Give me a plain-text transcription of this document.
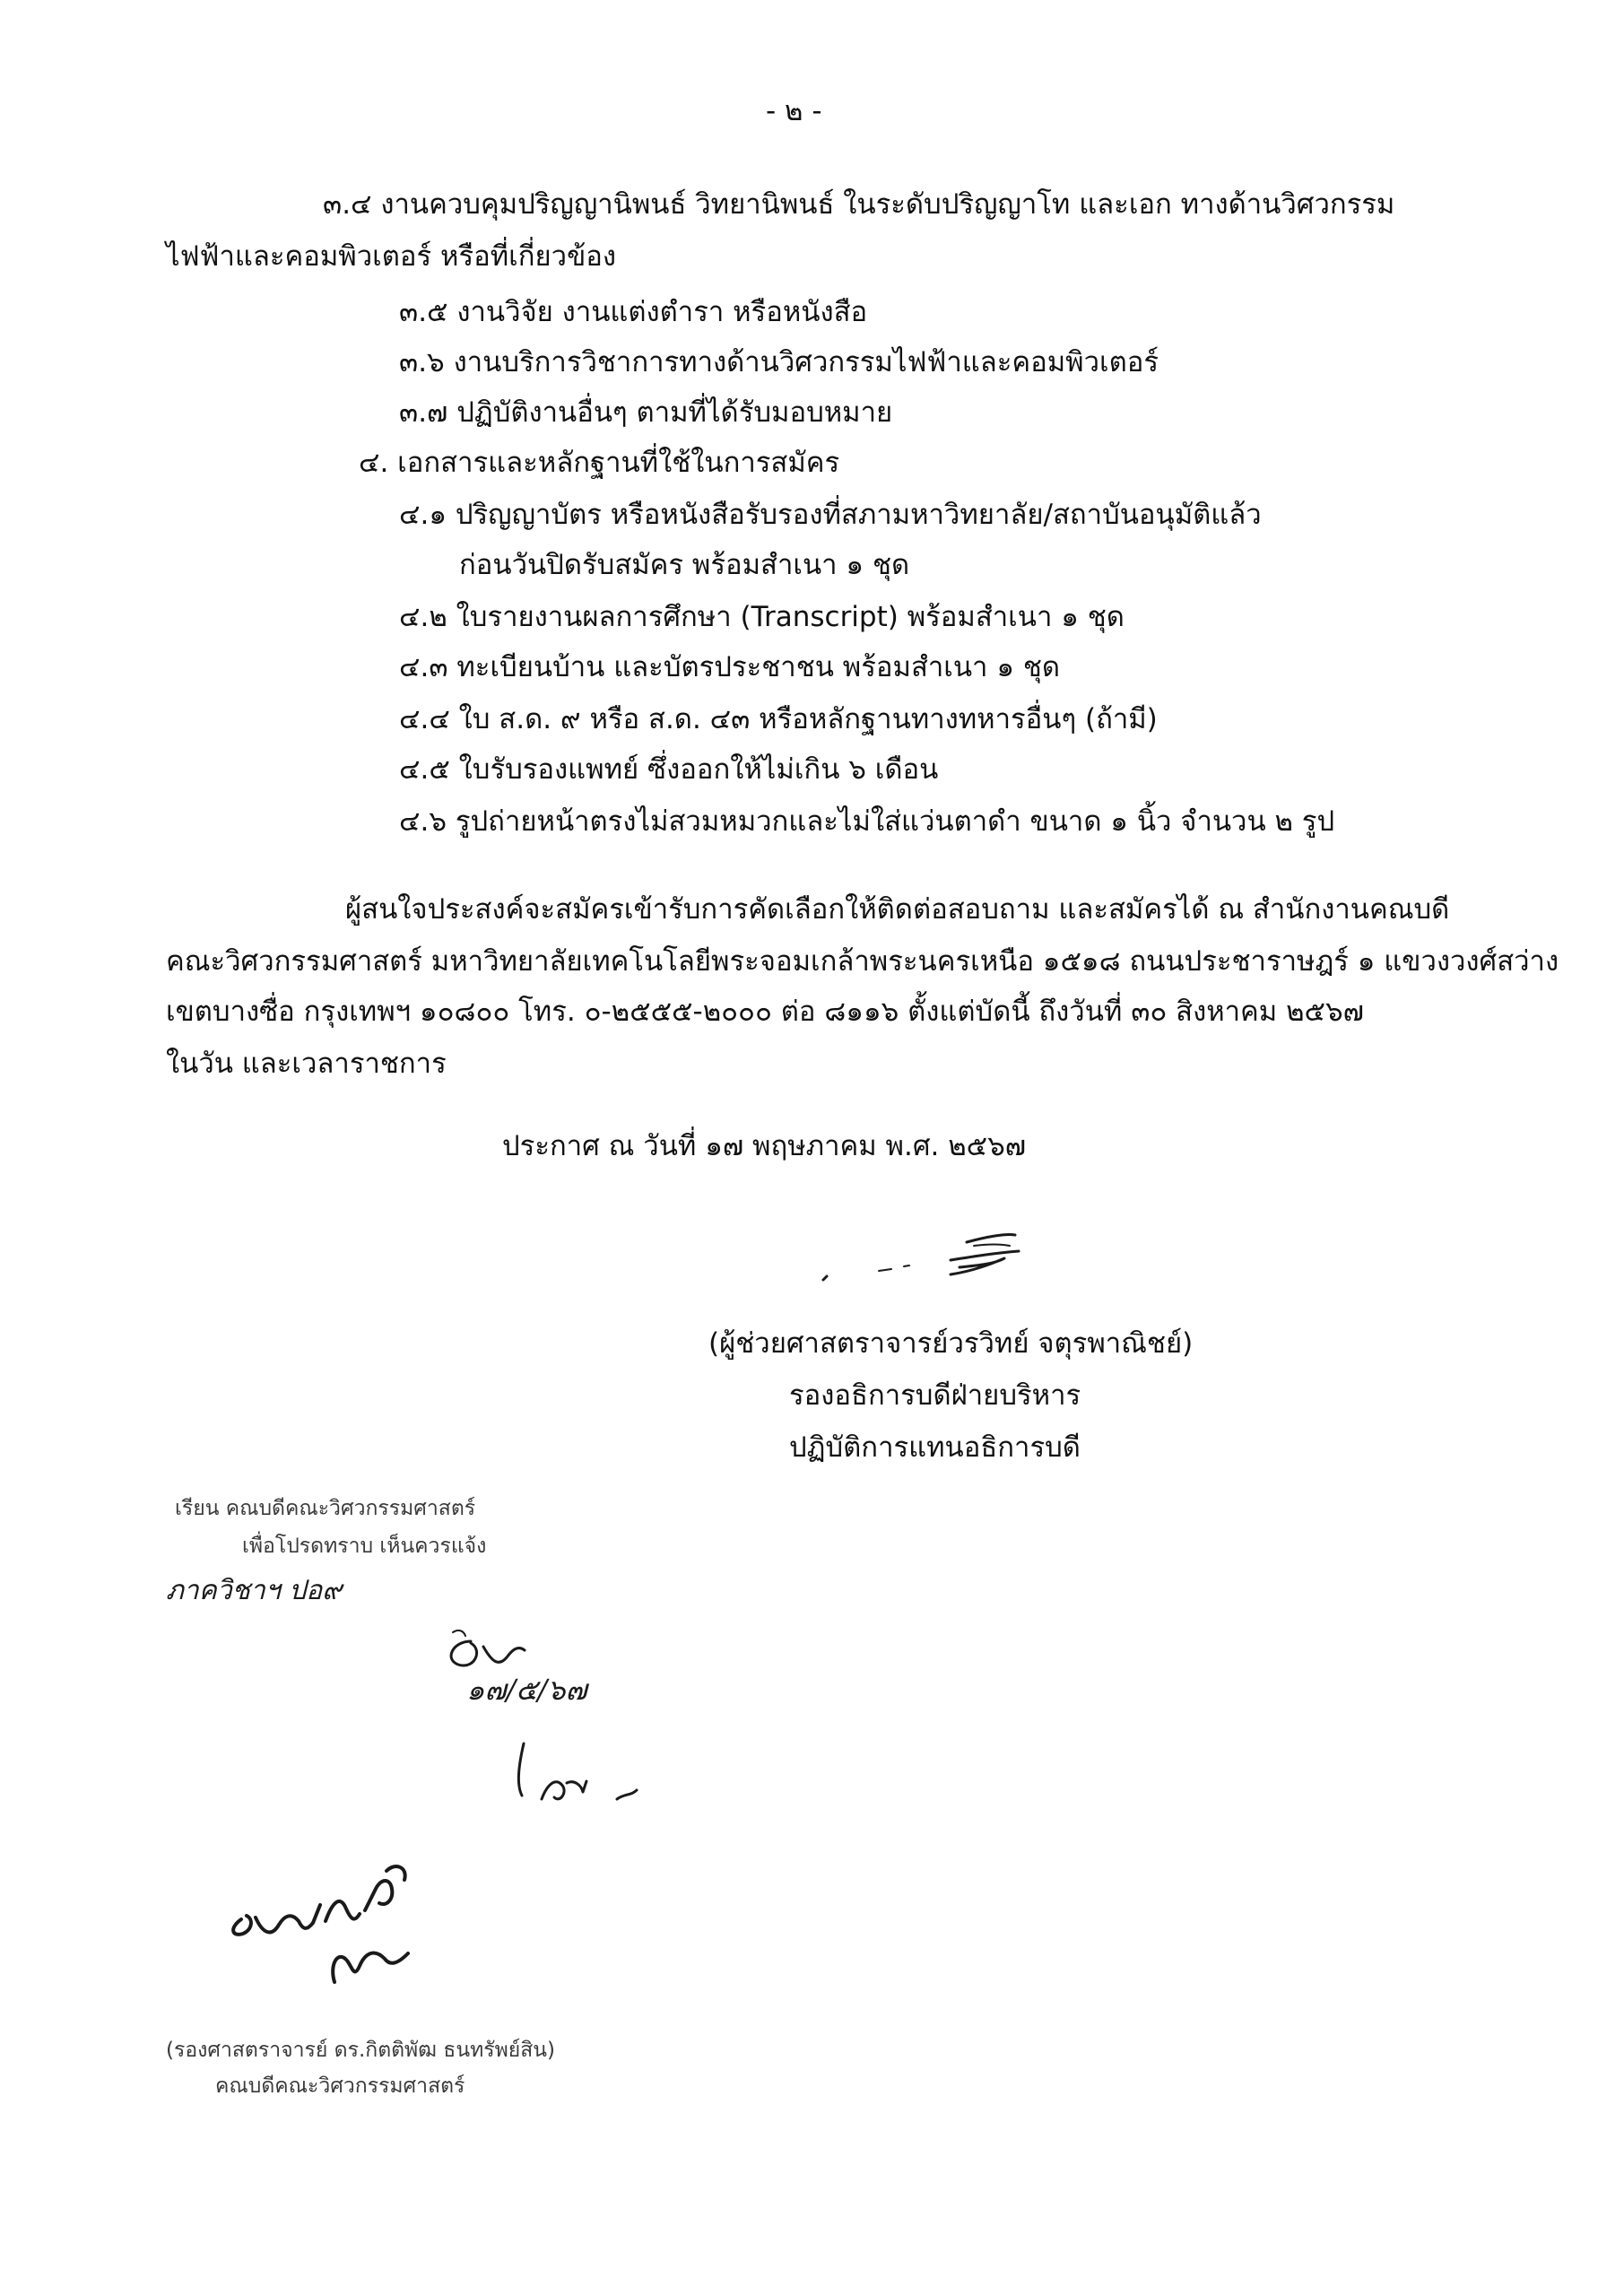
- ๒ -
๓.๔ งานควบคุมปริญญานิพนธ์ วิทยานิพนธ์ ในระดับปริญญาโท และเอก ทางด้านวิศวกรรม
ไฟฟ้าและคอมพิวเตอร์ หรือที่เกี่ยวข้อง
๓.๕ งานวิจัย งานแต่งตำรา หรือหนังสือ
๓.๖ งานบริการวิชาการทางด้านวิศวกรรมไฟฟ้าและคอมพิวเตอร์
๓.๗ ปฏิบัติงานอื่นๆ ตามที่ได้รับมอบหมาย
๔. เอกสารและหลักฐานที่ใช้ในการสมัคร
๔.๑ ปริญญาบัตร หรือหนังสือรับรองที่สภามหาวิทยาลัย/สถาบันอนุมัติแล้ว
ก่อนวันปิดรับสมัคร พร้อมสำเนา ๑ ชุด
๔.๒ ใบรายงานผลการศึกษา (Transcript) พร้อมสำเนา ๑ ชุด
๔.๓ ทะเบียนบ้าน และบัตรประชาชน พร้อมสำเนา ๑ ชุด
๔.๔ ใบ ส.ด. ๙ หรือ ส.ด. ๔๓ หรือหลักฐานทางทหารอื่นๆ (ถ้ามี)
๔.๕ ใบรับรองแพทย์ ซึ่งออกให้ไม่เกิน ๖ เดือน
๔.๖ รูปถ่ายหน้าตรงไม่สวมหมวกและไม่ใส่แว่นตาดำ ขนาด ๑ นิ้ว จำนวน ๒ รูป
ผู้สนใจประสงค์จะสมัครเข้ารับการคัดเลือกให้ติดต่อสอบถาม และสมัครได้ ณ สำนักงานคณบดี
คณะวิศวกรรมศาสตร์ มหาวิทยาลัยเทคโนโลยีพระจอมเกล้าพระนครเหนือ ๑๕๑๘ ถนนประชาราษฎร์ ๑ แขวงวงศ์สว่าง
เขตบางซื่อ กรุงเทพฯ ๑๐๘๐๐ โทร. ๐-๒๕๕๕-๒๐๐๐ ต่อ ๘๑๑๖ ตั้งแต่บัดนี้ ถึงวันที่ ๓๐ สิงหาคม ๒๕๖๗
ในวัน และเวลาราชการ
ประกาศ ณ วันที่ ๑๗ พฤษภาคม พ.ศ. ๒๕๖๗
(ผู้ช่วยศาสตราจารย์วรวิทย์ จตุรพาณิชย์)
รองอธิการบดีฝ่ายบริหาร
ปฏิบัติการแทนอธิการบดี
เรียน คณบดีคณะวิศวกรรมศาสตร์
เพื่อโปรดทราบ เห็นควรแจ้ง
ภาควิชาฯ ปอ๙
๑๗/๕/๖๗
(รองศาสตราจารย์ ดร.กิตติพัฒ ธนทรัพย์สิน)
คณบดีคณะวิศวกรรมศาสตร์
